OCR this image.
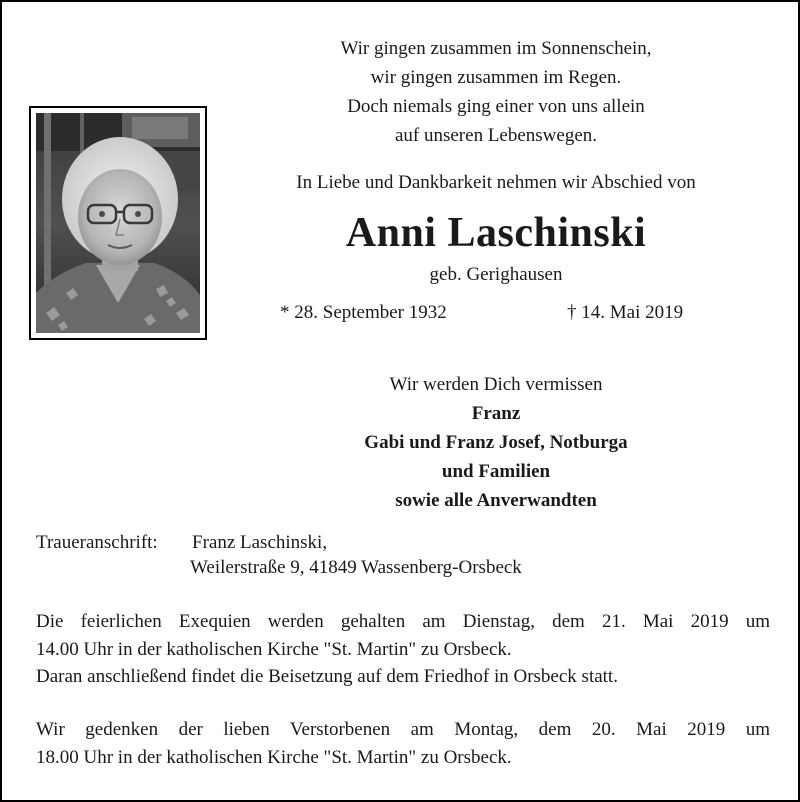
Wir gingen zusammen im Sonnenschein,
wir gingen zusammen im Regen.
Doch niemals ging einer von uns allein
auf unseren Lebenswegen.
In Liebe und Dankbarkeit nehmen wir Abschied von
Anni Laschinski
geb. Gerighausen
* 28. September 1932	† 14. Mai 2019
Wir werden Dich vermissen
Franz
Gabi und Franz Josef, Notburga
und Familien
sowie alle Anverwandten
Traueranschrift: Franz Laschinski,
Weilerstraße 9, 41849 Wassenberg-Orsbeck
Die feierlichen Exequien werden gehalten am Dienstag, dem 21. Mai 2019 um
14.00 Uhr in der katholischen Kirche "St. Martin" zu Orsbeck.
Daran anschließend findet die Beisetzung auf dem Friedhof in Orsbeck statt.
Wir gedenken der lieben Verstorbenen am Montag, dem 20. Mai 2019 um
18.00 Uhr in der katholischen Kirche "St. Martin" zu Orsbeck.
